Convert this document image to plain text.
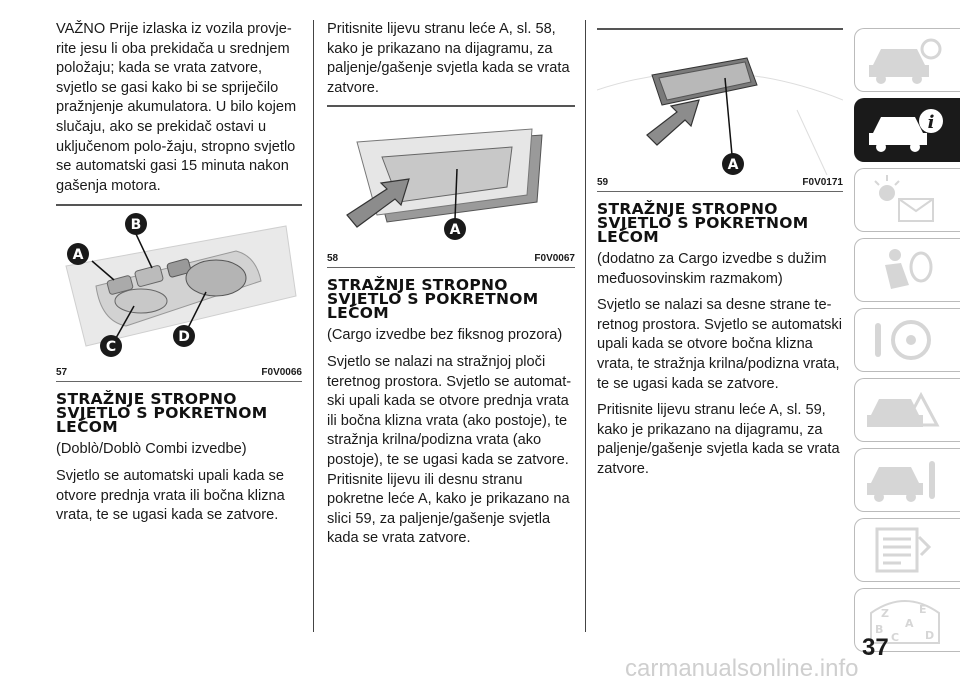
VAŽNO Prije izlaska iz vozila provje-rite jesu li oba prekidača u srednjem položaju; kada se vrata zatvore, svjetlo se gasi kako bi se spriječilo pražnjenje akumulatora. U bilo kojem slučaju, ako se prekidač ostavi u uključenom polo-žaju, stropno svjetlo se automatski gasi 15 minuta nakon gašenja motora.

A
B
C
D
57	F0V0066
STRAŽNJE STROPNO SVJETLO S POKRETNOM LEĆOM

(Doblò/Doblò Combi izvedbe)

Svjetlo se automatski upali kada se otvore prednja vrata ili bočna klizna vrata, te se ugasi kada se zatvore.

Pritisnite lijevu stranu leće A, sl. 58, kako je prikazano na dijagramu, za paljenje/gašenje svjetla kada se vrata zatvore.

A
58	F0V0067
STRAŽNJE STROPNO SVJETLO S POKRETNOM LEĆOM

(Cargo izvedbe bez fiksnog prozora)

Svjetlo se nalazi na stražnjoj ploči teretnog prostora. Svjetlo se automat-ski upali kada se otvore prednja vrata ili bočna klizna vrata (ako postoje), te stražnja krilna/podizna vrata (ako postoje), te se ugasi kada se zatvore.

Pritisnite lijevu ili desnu stranu pokretne leće A, kako je prikazano na slici 59, za paljenje/gašenje svjetla kada se vrata zatvore.

A
59	F0V0171
STRAŽNJE STROPNO SVJETLO S POKRETNOM LEĆOM

(dodatno za Cargo izvedbe s dužim međuosovinskim razmakom)

Svjetlo se nalazi sa desne strane te-retnog prostora. Svjetlo se automatski upali kada se otvore bočna klizna vrata, te stražnja krilna/podizna vrata, te se ugasi kada se zatvore.

Pritisnite lijevu stranu leće A, sl. 59, kako je prikazano na dijagramu, za paljenje/gašenje svjetla kada se vrata zatvore.

i
Z	E
A
B	D
C
37
carmanualsonline.info
